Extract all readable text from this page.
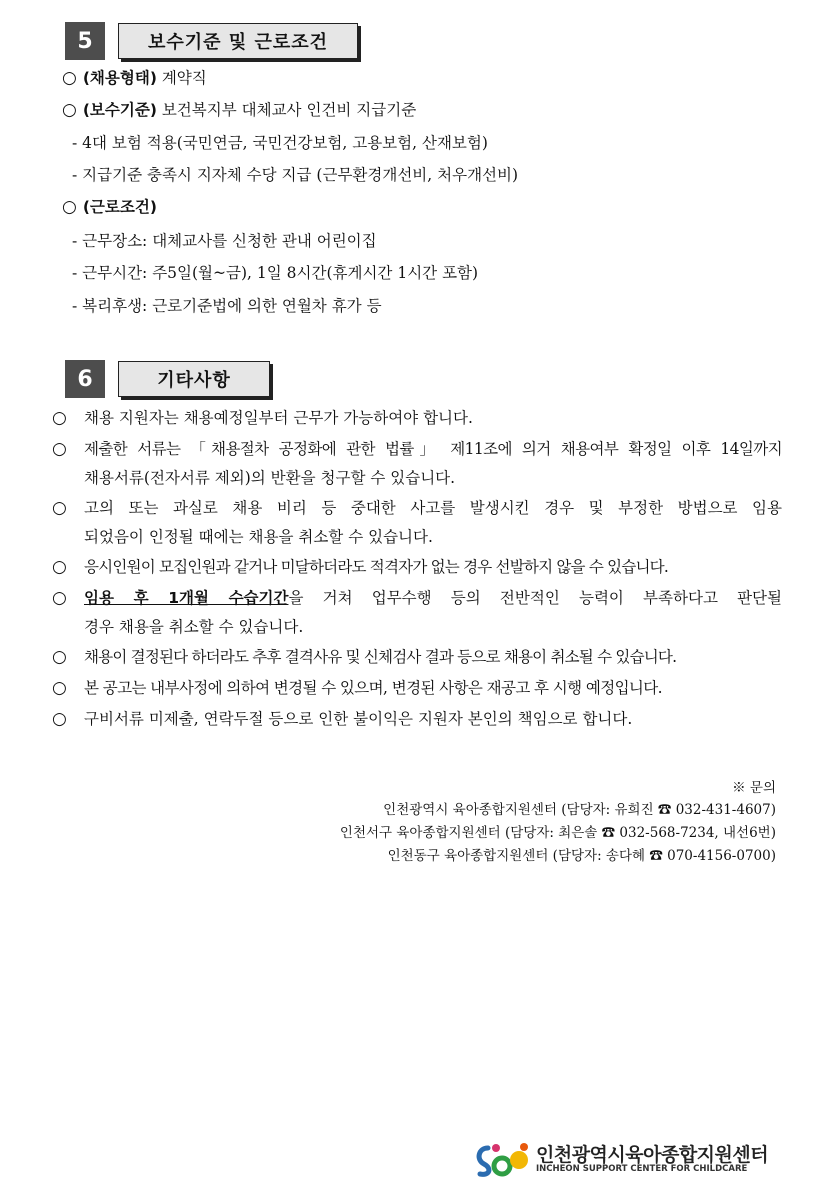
5	보수기준 및 근로조건
○ (채용형태) 계약직
○ (보수기준) 보건복지부 대체교사 인건비 지급기준
- 4대 보험 적용(국민연금, 국민건강보험, 고용보험, 산재보험)
- 지급기준 충족시 지자체 수당 지급 (근무환경개선비, 처우개선비)
○ (근로조건)
- 근무장소: 대체교사를 신청한 관내 어린이집
- 근무시간: 주5일(월~금), 1일 8시간(휴게시간 1시간 포함)
- 복리후생: 근로기준법에 의한 연월차 휴가 등
6	기타사항
○ 채용 지원자는 채용예정일부터 근무가 가능하여야 합니다.
○ 제출한 서류는 「채용절차 공정화에 관한 법률」 제11조에 의거 채용여부 확정일 이후 14일까지
채용서류(전자서류 제외)의 반환을 청구할 수 있습니다.
○ 고의 또는 과실로 채용 비리 등 중대한 사고를 발생시킨 경우 및 부정한 방법으로 임용
되었음이 인정될 때에는 채용을 취소할 수 있습니다.
○ 응시인원이 모집인원과 같거나 미달하더라도 적격자가 없는 경우 선발하지 않을 수 있습니다.
○ 임용 후 1개월 수습기간을 거쳐 업무수행 등의 전반적인 능력이 부족하다고 판단될
경우 채용을 취소할 수 있습니다.
○ 채용이 결정된다 하더라도 추후 결격사유 및 신체검사 결과 등으로 채용이 취소될 수 있습니다.
○ 본 공고는 내부사정에 의하여 변경될 수 있으며, 변경된 사항은 재공고 후 시행 예정입니다.
○ 구비서류 미제출, 연락두절 등으로 인한 불이익은 지원자 본인의 책임으로 합니다.
※ 문의
인천광역시 육아종합지원센터 (담당자: 유희진 ☎ 032-431-4607)
인천서구 육아종합지원센터 (담당자: 최은솔 ☎ 032-568-7234, 내선6번)
인천동구 육아종합지원센터 (담당자: 송다혜 ☎ 070-4156-0700)
인천광역시육아종합지원센터
INCHEON SUPPORT CENTER FOR CHILDCARE
